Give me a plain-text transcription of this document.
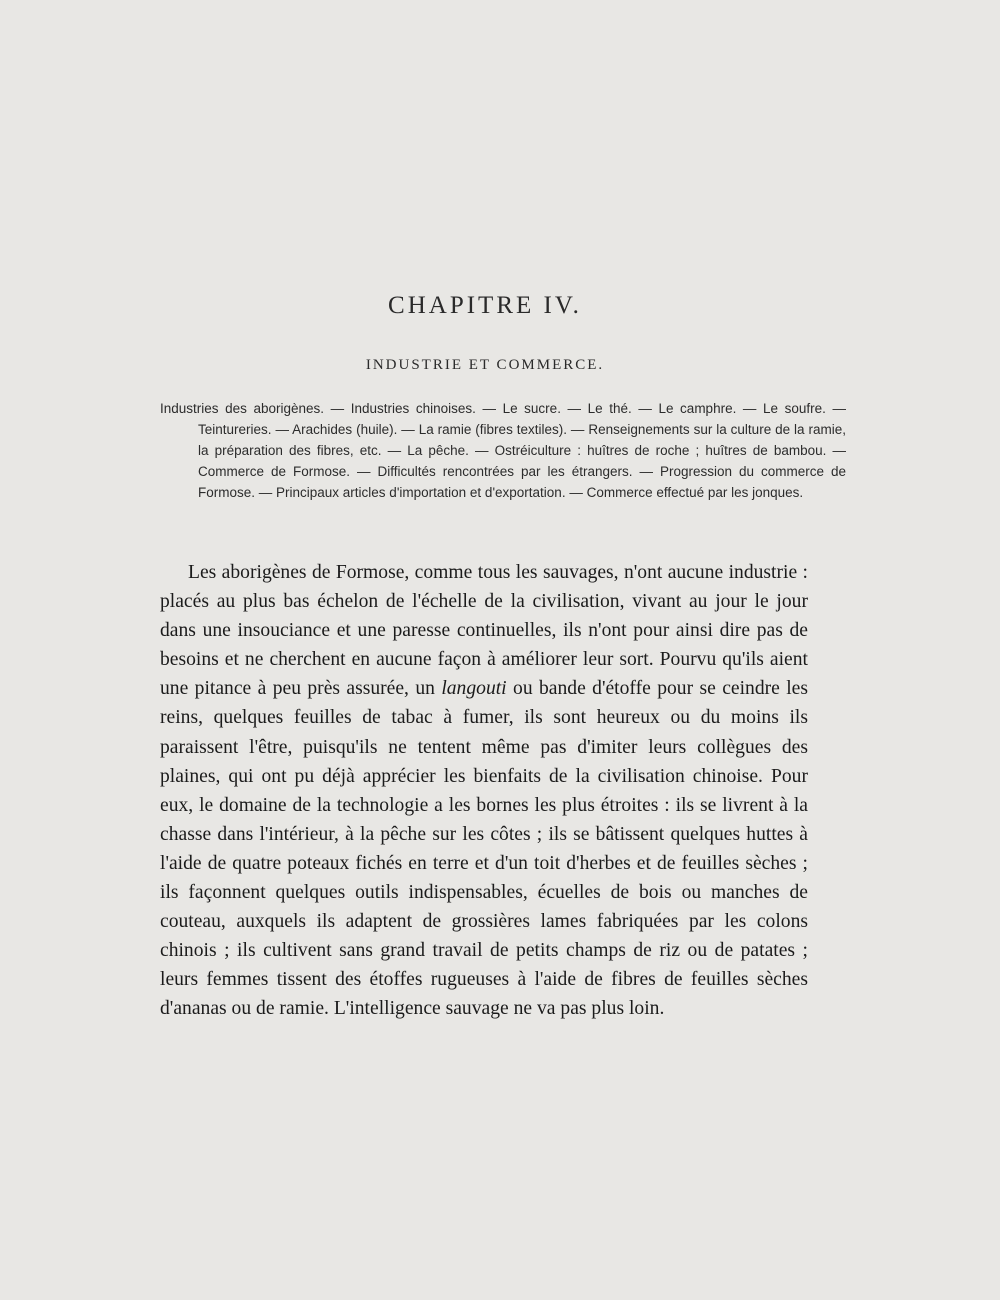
CHAPITRE IV.
INDUSTRIE ET COMMERCE.

Industries des aborigènes. — Industries chinoises. — Le sucre. — Le thé. — Le camphre. — Le soufre. — Teintureries. — Arachides (huile). — La ramie (fibres textiles). — Renseignements sur la culture de la ramie, la préparation des fibres, etc. — La pêche. — Ostréiculture : huîtres de roche ; huîtres de bambou. — Commerce de Formose. — Difficultés rencontrées par les étrangers. — Progression du commerce de Formose. — Principaux articles d'importation et d'exportation. — Commerce effectué par les jonques.

Les aborigènes de Formose, comme tous les sauvages, n'ont aucune industrie : placés au plus bas échelon de l'échelle de la civilisation, vivant au jour le jour dans une insouciance et une paresse continuelles, ils n'ont pour ainsi dire pas de besoins et ne cherchent en aucune façon à améliorer leur sort. Pourvu qu'ils aient une pitance à peu près assurée, un langouti ou bande d'étoffe pour se ceindre les reins, quelques feuilles de tabac à fumer, ils sont heureux ou du moins ils paraissent l'être, puisqu'ils ne tentent même pas d'imiter leurs collègues des plaines, qui ont pu déjà apprécier les bienfaits de la civilisation chinoise. Pour eux, le domaine de la technologie a les bornes les plus étroites : ils se livrent à la chasse dans l'intérieur, à la pêche sur les côtes ; ils se bâtissent quelques huttes à l'aide de quatre poteaux fichés en terre et d'un toit d'herbes et de feuilles sèches ; ils façonnent quelques outils indispensables, écuelles de bois ou manches de couteau, auxquels ils adaptent de grossières lames fabriquées par les colons chinois ; ils cultivent sans grand travail de petits champs de riz ou de patates ; leurs femmes tissent des étoffes rugueuses à l'aide de fibres de feuilles sèches d'ananas ou de ramie. L'intelligence sauvage ne va pas plus loin.
